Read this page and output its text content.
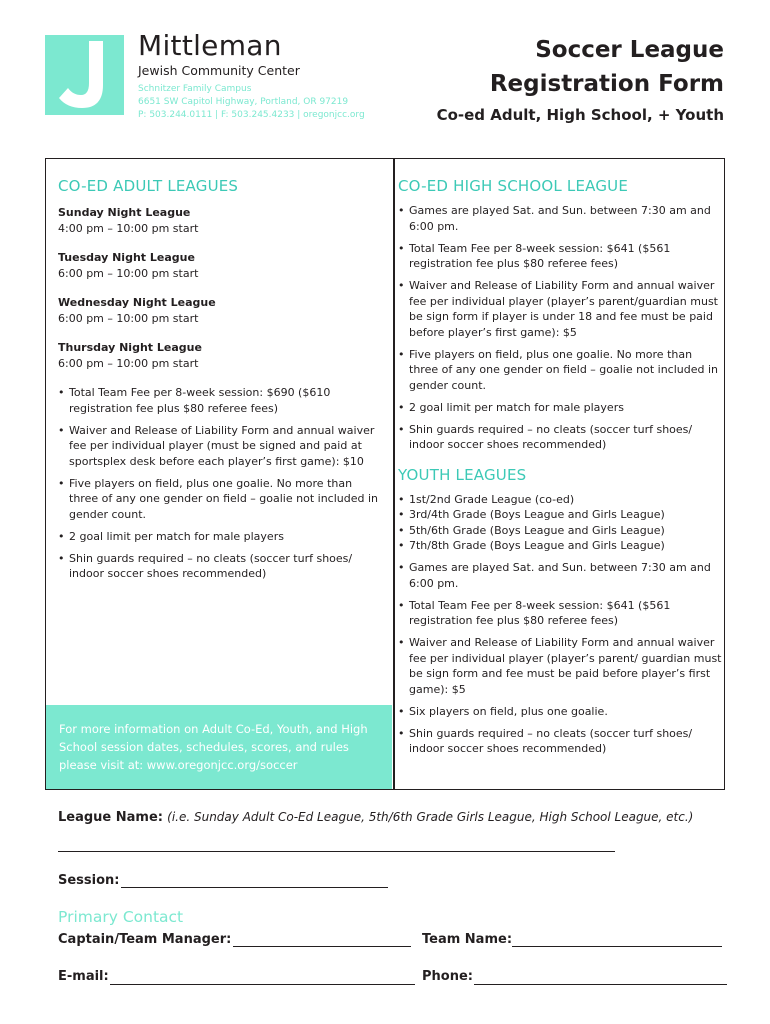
Mittleman
Jewish Community Center
Schnitzer Family Campus
6651 SW Capitol Highway, Portland, OR 97219
P: 503.244.0111 | F: 503.245.4233 | oregonjcc.org
Soccer League
Registration Form
Co-ed Adult, High School, + Youth
CO-ED ADULT LEAGUES
Sunday Night League
4:00 pm – 10:00 pm start
Tuesday Night League
6:00 pm – 10:00 pm start
Wednesday Night League
6:00 pm – 10:00 pm start
Thursday Night League
6:00 pm – 10:00 pm start
• Total Team Fee per 8-week session: $690 ($610 registration fee plus $80 referee fees)
• Waiver and Release of Liability Form and annual waiver fee per individual player (must be signed and paid at sportsplex desk before each player’s first game): $10
• Five players on field, plus one goalie. No more than three of any one gender on field – goalie not included in gender count.
• 2 goal limit per match for male players
• Shin guards required – no cleats (soccer turf shoes/ indoor soccer shoes recommended)
CO-ED HIGH SCHOOL LEAGUE
• Games are played Sat. and Sun. between 7:30 am and 6:00 pm.
• Total Team Fee per 8-week session: $641 ($561 registration fee plus $80 referee fees)
• Waiver and Release of Liability Form and annual waiver fee per individual player (player’s parent/guardian must be sign form if player is under 18 and fee must be paid before player’s first game): $5
• Five players on field, plus one goalie. No more than three of any one gender on field – goalie not included in gender count.
• 2 goal limit per match for male players
• Shin guards required – no cleats (soccer turf shoes/ indoor soccer shoes recommended)
YOUTH LEAGUES
• 1st/2nd Grade League (co-ed)
• 3rd/4th Grade (Boys League and Girls League)
• 5th/6th Grade (Boys League and Girls League)
• 7th/8th Grade (Boys League and Girls League)
• Games are played Sat. and Sun. between 7:30 am and 6:00 pm.
• Total Team Fee per 8-week session: $641 ($561 registration fee plus $80 referee fees)
• Waiver and Release of Liability Form and annual waiver fee per individual player (player’s parent/ guardian must be sign form and fee must be paid before player’s first game): $5
• Six players on field, plus one goalie.
• Shin guards required – no cleats (soccer turf shoes/ indoor soccer shoes recommended)

For more information on Adult Co-Ed, Youth, and High School session dates, schedules, scores, and rules please visit at: www.oregonjcc.org/soccer

League Name: (i.e. Sunday Adult Co-Ed League, 5th/6th Grade Girls League, High School League, etc.)
Session:
Primary Contact
Captain/Team Manager:	Team Name:
E-mail:	Phone:
